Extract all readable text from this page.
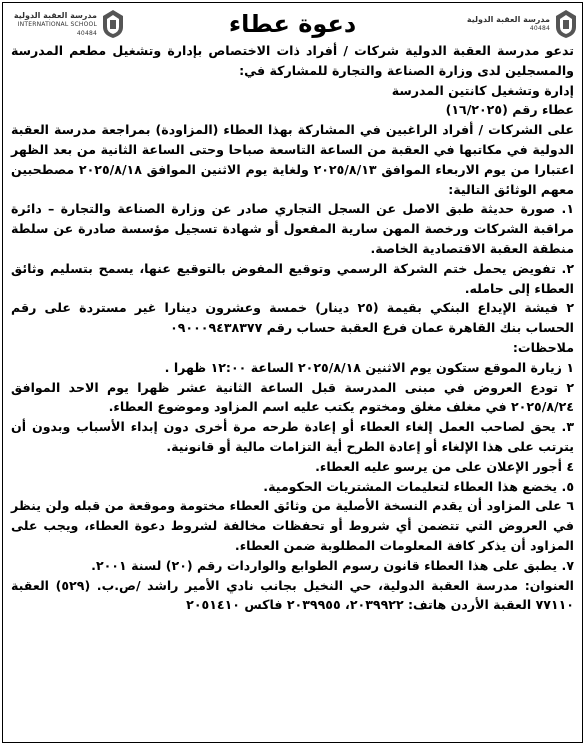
مدرسة العقبة الدولية
40484
مدرسة العقبة الدولية
INTERNATIONAL SCHOOL
40484	دعوة عطاء

تدعو مدرسة العقبة الدولية شركات / أفراد ذات الاختصاص بإدارة وتشغيل مطعم المدرسة والمسجلين لدى وزارة الصناعة والتجارة للمشاركة في:

إدارة وتشغيل كانتين المدرسة

عطاء رقم (١٦/٢٠٢٥)

على الشركات / أفراد الراغبين في المشاركة بهذا العطاء (المزاودة) بمراجعة مدرسة العقبة الدولية في مكاتبها في العقبة من الساعة التاسعة صباحا وحتى الساعة الثانية من بعد الظهر اعتبارا من يوم الاربعاء الموافق ٢٠٢٥/٨/١٣ ولغاية يوم الاثنين الموافق ٢٠٢٥/٨/١٨ مصطحبين معهم الوثائق التالية:

١. صورة حديثة طبق الاصل عن السجل التجاري صادر عن وزارة الصناعة والتجارة – دائرة مراقبة الشركات ورخصة المهن سارية المفعول أو شهادة تسجيل مؤسسة صادرة عن سلطة منطقة العقبة الاقتصادية الخاصة.

٢. تفويض يحمل ختم الشركة الرسمي وتوقيع المفوض بالتوقيع عنها، يسمح بتسليم وثائق العطاء إلى حامله.

٢ فيشة الإيداع البنكي بقيمة (٢٥ دينار) خمسة وعشرون دينارا غير مستردة على رقم الحساب بنك القاهرة عمان فرع العقبة حساب رقم ٠٩٠٠٠٩٤٣٨٣٧٧

ملاحظات:

١ زيارة الموقع ستكون يوم الاثنين ٢٠٢٥/٨/١٨ الساعة ١٢:٠٠ ظهرا .

٢ تودع العروض في مبنى المدرسة قبل الساعة الثانية عشر ظهرا يوم الاحد الموافق ٢٠٢٥/٨/٢٤ في مغلف مغلق ومختوم يكتب عليه اسم المزاود وموضوع العطاء.

٣. يحق لصاحب العمل إلغاء العطاء أو إعادة طرحه مرة أخرى دون إبداء الأسباب وبدون أن يترتب على هذا الإلغاء أو إعادة الطرح أية التزامات مالية أو قانونية.

٤ أجور الإعلان على من يرسو عليه العطاء.

٥. يخضع هذا العطاء لتعليمات المشتريات الحكومية.

٦ على المزاود أن يقدم النسخة الأصلية من وثائق العطاء مختومة وموقعة من قبله ولن ينظر في العروض التي تتضمن أي شروط أو تحفظات مخالفة لشروط دعوة العطاء، ويجب على المزاود أن يذكر كافة المعلومات المطلوبة ضمن العطاء.

٧. يطبق على هذا العطاء قانون رسوم الطوابع والواردات رقم (٢٠) لسنة ٢٠٠١.

العنوان: مدرسة العقبة الدولية، حي النخيل بجانب نادي الأمير راشد /ص.ب. (٥٢٩) العقبة ٧٧١١٠ العقبة الأردن هاتف: ٢٠٣٩٩٢٢، ٢٠٣٩٩٥٥ فاكس ٢٠٥١٤١٠
